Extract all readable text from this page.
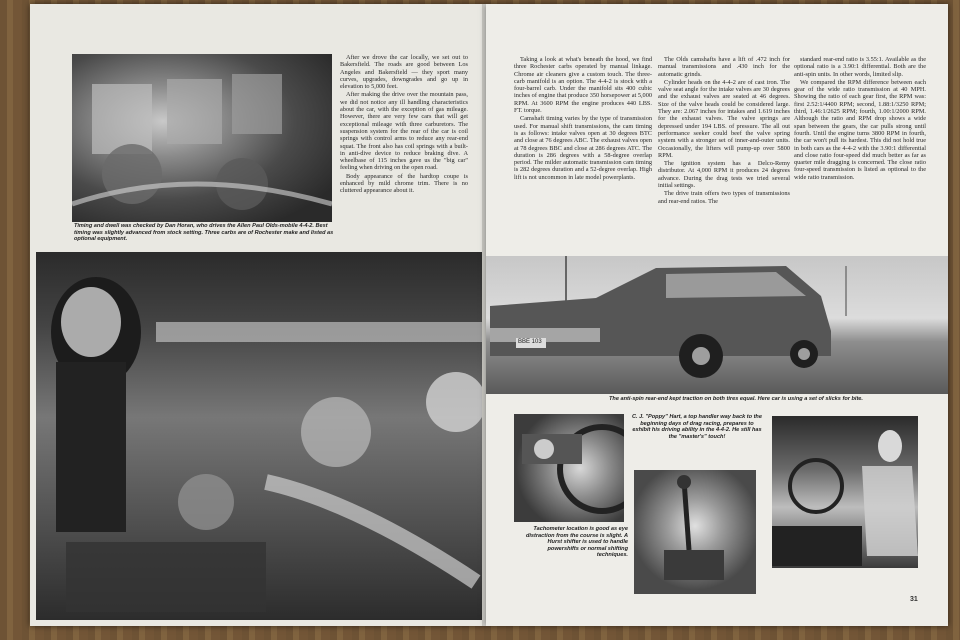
Timing and dwell was checked by Dan Horan, who drives the Allen Paul Olds-mobile 4-4-2. Best timing was slightly advanced from stock setting. Three carbs are of Rochester make and listed as optional equipment.

After we drove the car locally, we set out to Bakersfield. The roads are good between Los Angeles and Bakersfield — they sport many curves, upgrades, downgrades and go up in elevation to 5,000 feet.

After making the drive over the mountain pass, we did not notice any ill handling characteristics about the car, with the exception of gas mileage. However, there are very few cars that will get exceptional mileage with three carburetors. The suspension system for the rear of the car is coil springs with control arms to reduce any rear-end squat. The front also has coil springs with a built-in anti-dive device to reduce braking dive. A wheelbase of 115 inches gave us the "big car" feeling when driving on the open road.

Body appearance of the hardtop coupe is enhanced by mild chrome trim. There is no cluttered appearance about it.

Taking a look at what's beneath the hood, we find three Rochester carbs operated by manual linkage. Chrome air cleaners give a custom touch. The three-carb manifold is an option. The 4-4-2 is stock with a four-barrel carb. Under the manifold sits 400 cubic inches of engine that produce 350 horsepower at 5,000 RPM. At 3600 RPM the engine produces 440 LBS. FT. torque.

Camshaft timing varies by the type of transmission used. For manual shift transmissions, the cam timing is as follows: intake valves open at 30 degrees BTC and close at 76 degrees ABC. The exhaust valves open at 78 degrees BBC and close at 286 degrees ATC. The duration is 286 degrees with a 58-degree overlap period. The milder automatic transmission cam timing is 282 degrees duration and a 52-degree overlap. High lift is not uncommon in late model powerplants.

The Olds camshafts have a lift of .472 inch for manual transmissions and .430 inch for the automatic grinds.

Cylinder heads on the 4-4-2 are of cast iron. The valve seat angle for the intake valves are 30 degrees and the exhaust valves are seated at 46 degrees. Size of the valve heads could be considered large. They are: 2.067 inches for intakes and 1.619 inches for the exhaust valves. The valve springs are depressed under 194 LBS. of pressure. The all out performance seeker could beef the valve spring system with a stronger set of inner-and-outer units. Occasionally, the lifters will pump-up over 5800 RPM.

The ignition system has a Delco-Remy distributor. At 4,000 RPM it produces 24 degrees advance. During the drag tests we tried several initial settings.

The drive train offers two types of transmissions and rear-end ratios. The

standard rear-end ratio is 3.55:1. Available as the optional ratio is a 3.90:1 differential. Both are the anti-spin units. In other words, limited slip.

We compared the RPM difference between each gear of the wide ratio transmission at 40 MPH. Showing the ratio of each gear first, the RPM was: first 2.52:1/4400 RPM; second, 1.88:1/3250 RPM; third, 1.46:1/2625 RPM; fourth, 1.00:1/2000 RPM. Although the ratio and RPM drop shows a wide span between the gears, the car pulls strong until fourth. Until the engine turns 3800 RPM in fourth, the car won't pull its hardest. This did not hold true in both cars as the 4-4-2 with the 3.90:1 differential and close ratio four-speed did much better as far as quarter mile dragging is concerned. The close ratio four-speed transmission is listed as optional to the wide ratio transmission.

BBE 103
The anti-spin rear-end kept traction on both tires equal. Here car is using a set of slicks for bite.
C. J. "Poppy" Hart, a top handler way back to the beginning days of drag racing, prepares to exhibit his driving ability in the 4-4-2. He still has the "master's" touch!
Tachometer location is good as eye distraction from the course is slight. A Hurst shifter is used to handle powershifts or normal shifting techniques.
31
